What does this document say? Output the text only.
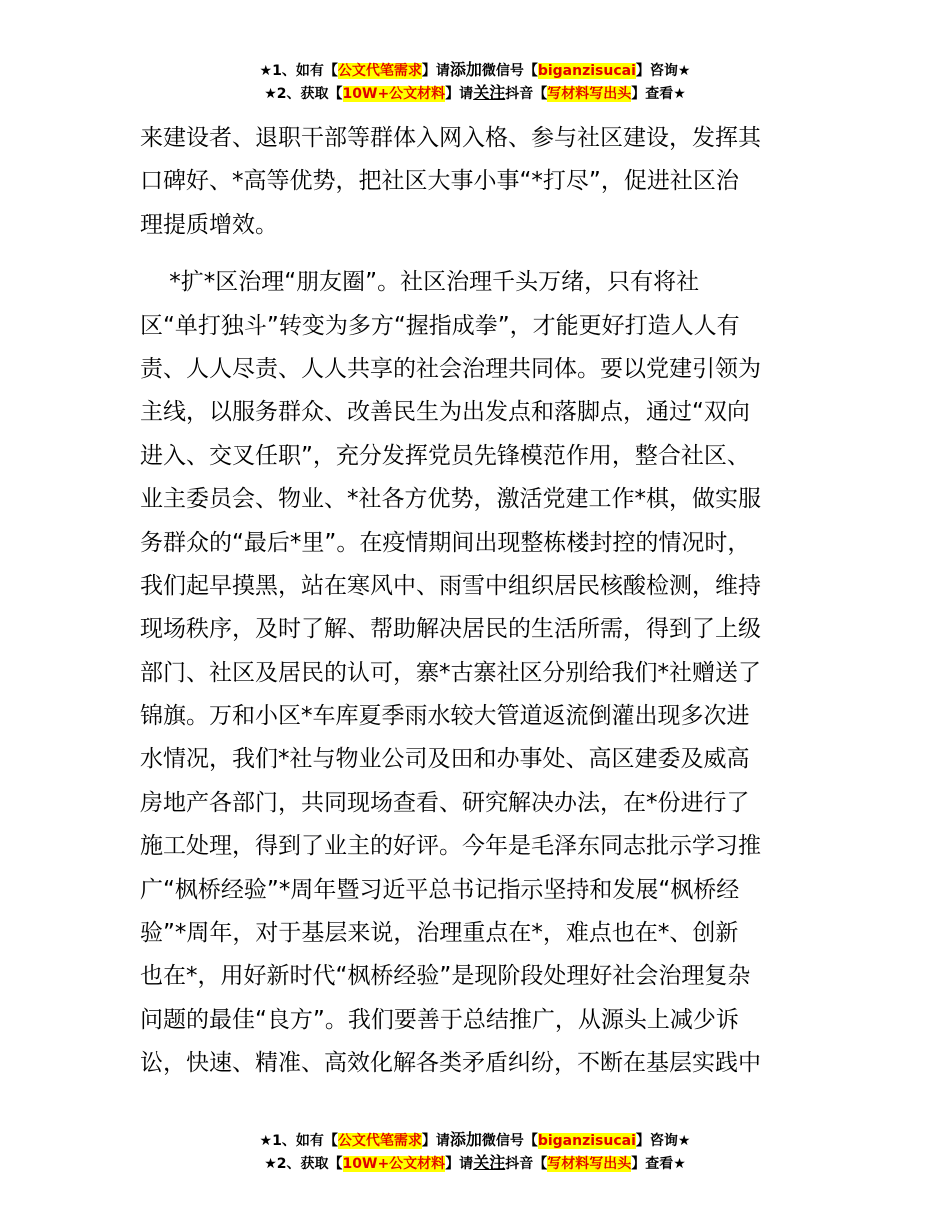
★1、如有【公文代笔需求】请添加微信号【biganzisucai】咨询★
★2、获取【10W+公文材料】请关注抖音【写材料写出头】查看★
来建设者、退职干部等群体入网入格、参与社区建设，发挥其
口碑好、*高等优势，把社区大事小事“*打尽”，促进社区治
理提质增效。
*扩*区治理“朋友圈”。社区治理千头万绪，只有将社
区“单打独斗”转变为多方“握指成拳”，才能更好打造人人有
责、人人尽责、人人共享的社会治理共同体。要以党建引领为
主线，以服务群众、改善民生为出发点和落脚点，通过“双向
进入、交叉任职”，充分发挥党员先锋模范作用，整合社区、
业主委员会、物业、*社各方优势，激活党建工作*棋，做实服
务群众的“最后*里”。在疫情期间出现整栋楼封控的情况时，
我们起早摸黑，站在寒风中、雨雪中组织居民核酸检测，维持
现场秩序，及时了解、帮助解决居民的生活所需，得到了上级
部门、社区及居民的认可，寨*古寨社区分别给我们*社赠送了
锦旗。万和小区*车库夏季雨水较大管道返流倒灌出现多次进
水情况，我们*社与物业公司及田和办事处、高区建委及威高
房地产各部门，共同现场查看、研究解决办法，在*份进行了
施工处理，得到了业主的好评。今年是毛泽东同志批示学习推
广“枫桥经验”*周年暨习近平总书记指示坚持和发展“枫桥经
验”*周年，对于基层来说，治理重点在*，难点也在*、创新
也在*，用好新时代“枫桥经验”是现阶段处理好社会治理复杂
问题的最佳“良方”。我们要善于总结推广，从源头上减少诉
讼，快速、精准、高效化解各类矛盾纠纷，不断在基层实践中
★1、如有【公文代笔需求】请添加微信号【biganzisucai】咨询★
★2、获取【10W+公文材料】请关注抖音【写材料写出头】查看★
